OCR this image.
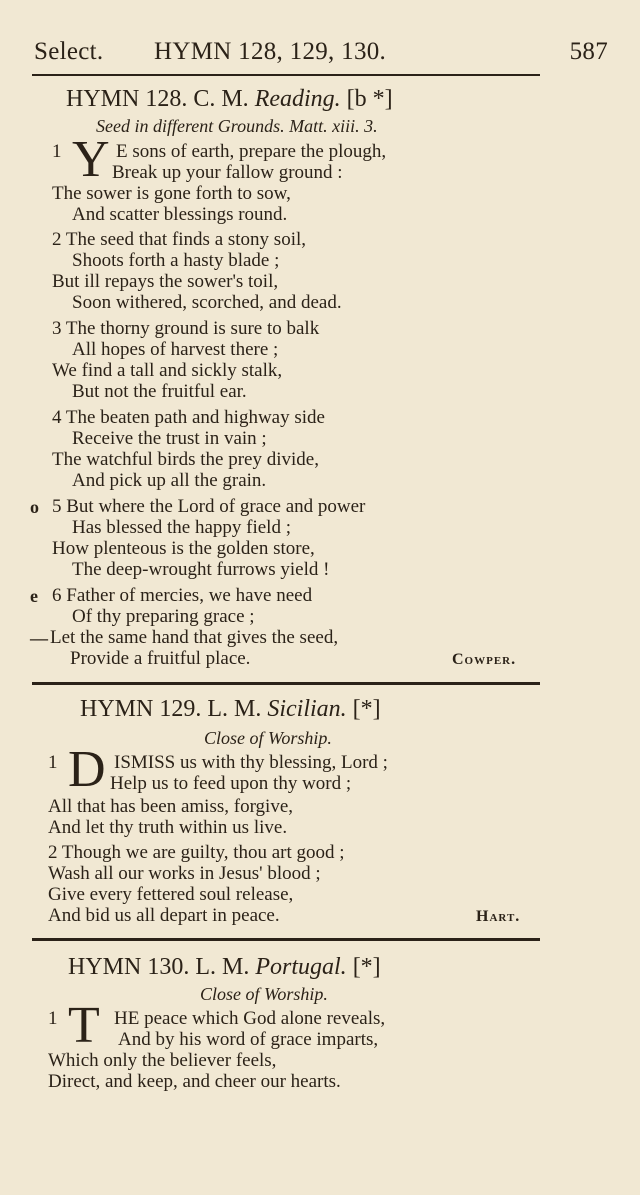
Select. HYMN 128, 129, 130.	587
HYMN 128. C. M. Reading. [b *]
Seed in different Grounds. Matt. xiii. 3.
1 Y E sons of earth, prepare the plough,
Break up your fallow ground :
The sower is gone forth to sow,
And scatter blessings round.
2 The seed that finds a stony soil,
Shoots forth a hasty blade ;
But ill repays the sower's toil,
Soon withered, scorched, and dead.
3 The thorny ground is sure to balk
All hopes of harvest there ;
We find a tall and sickly stalk,
But not the fruitful ear.
4 The beaten path and highway side
Receive the trust in vain ;
The watchful birds the prey divide,
And pick up all the grain.
o 5 But where the Lord of grace and power
Has blessed the happy field ;
How plenteous is the golden store,
The deep-wrought furrows yield !
e 6 Father of mercies, we have need
Of thy preparing grace ;
— Let the same hand that gives the seed,
Provide a fruitful place.	Cowper.
HYMN 129. L. M. Sicilian. [*]
Close of Worship.
1 D ISMISS us with thy blessing, Lord ;
Help us to feed upon thy word ;
All that has been amiss, forgive,
And let thy truth within us live.
2 Though we are guilty, thou art good ;
Wash all our works in Jesus' blood ;
Give every fettered soul release,
And bid us all depart in peace.	Hart.
HYMN 130. L. M. Portugal. [*]
Close of Worship.
1 T HE peace which God alone reveals,
And by his word of grace imparts,
Which only the believer feels,
Direct, and keep, and cheer our hearts.
